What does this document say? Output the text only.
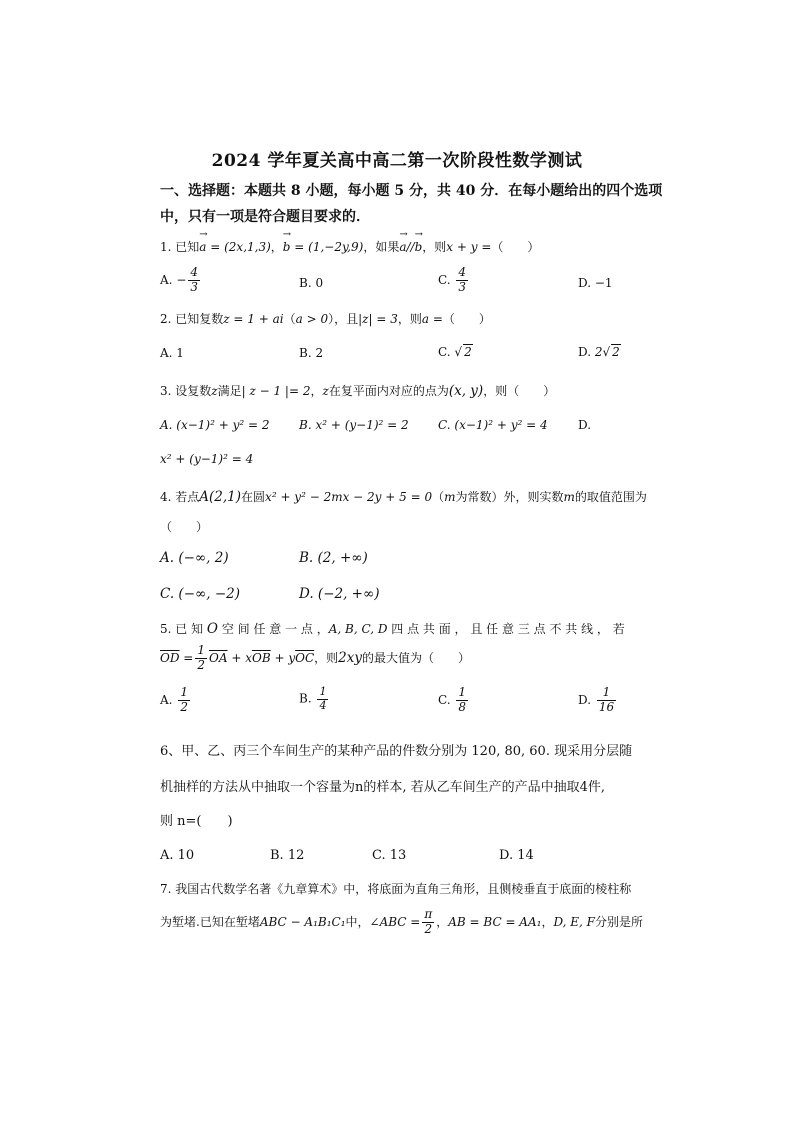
2024 学年夏关高中高二第一次阶段性数学测试
一、选择题：本题共 8 小题，每小题 5 分，共 40 分．在每小题给出的四个选项
中，只有一项是符合题目要求的．
1. 已知→ a = (2x,1,3)，→ b = (1,−2y,9)，如果→ a//→ b，则x + y =（　　）
A. − $\frac{4}{3}$	B. 0	C. $\frac{4}{3}$	D. −1
2. 已知复数z = 1 + ai（a > 0），且|z| = 3，则a =（　　）
A. 1	B. 2	C. √ 2	D. 2√ 2
3. 设复数z满足| z − 1 |= 2，z在复平面内对应的点为(x, y)，则（　　）
A. (x−1)² + y² = 2 B. x² + (y−1)² = 2 C. (x−1)² + y² = 4	D.
x² + (y−1)² = 4
4. 若点A(2,1)在圆x² + y² − 2mx − 2y + 5 = 0（m为常数）外，则实数m的取值范围为
（　　）
A. (−∞, 2)	B. (2, +∞)
C. (−∞, −2)	D. (−2, +∞)
5. 已 知 O 空 间 任 意 一 点 ，A, B, C, D 四 点 共 面 ， 且 任 意 三 点 不 共 线 ， 若
$\overline{OD} = \frac{1}{2} \overline{OA} + x\overline{OB} + y\overline{OC}$，则2xy的最大值为（　　）
A. $\frac{1}{2}$	B. $\frac{1}{4}$	C. $\frac{1}{8}$	D. $\frac{1}{16}$
6、甲、乙、丙三个车间生产的某种产品的件数分别为 120, 80, 60. 现采用分层随
机抽样的方法从中抽取一个容量为n的样本, 若从乙车间生产的产品中抽取4件,
则 n=(　　)
A. 10	B. 12	C. 13	D. 14
7. 我国古代数学名著《九章算术》中，将底面为直角三角形，且侧棱垂直于底面的棱柱称
为堑堵.已知在堑堵ABC − A₁B₁C₁中，∠ABC = $\frac{\pi}{2}$ ，AB = BC = AA₁，D, E, F分别是所
